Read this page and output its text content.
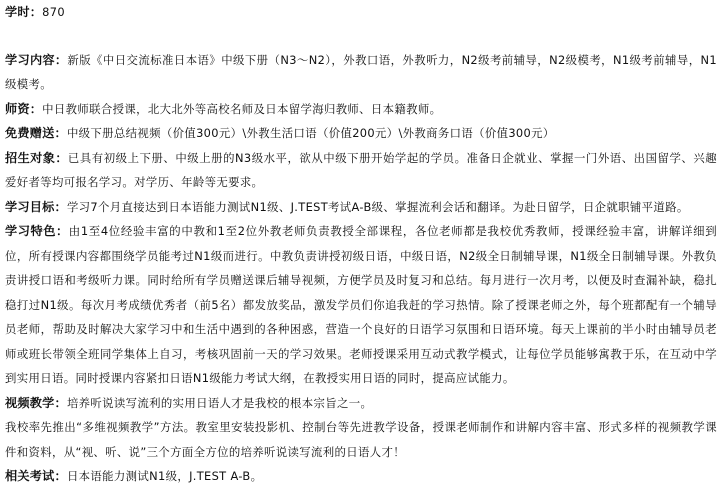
学时：870

学习内容：新版《中日交流标准日本语》中级下册（N3～N2），外教口语，外教听力，N2级考前辅导，N2级模考，N1级考前辅导，N1级模考。

师资：中日教师联合授课，北大北外等高校名师及日本留学海归教师、日本籍教师。

免费赠送：中级下册总结视频（价值300元）\外教生活口语（价值200元）\外教商务口语（价值300元）

招生对象：已具有初级上下册、中级上册的N3级水平，欲从中级下册开始学起的学员。准备日企就业、掌握一门外语、出国留学、兴趣爱好者等均可报名学习。对学历、年龄等无要求。

学习目标：学习7个月直接达到日本语能力测试N1级、J.TEST考试A-B级、掌握流利会话和翻译。为赴日留学，日企就职铺平道路。

学习特色：由1至4位经验丰富的中教和1至2位外教老师负责教授全部课程，各位老师都是我校优秀教师，授课经验丰富，讲解详细到位，所有授课内容都围绕学员能考过N1级而进行。中教负责讲授初级日语，中级日语，N2级全日制辅导课，N1级全日制辅导课。外教负责讲授口语和考级听力课。同时给所有学员赠送课后辅导视频，方便学员及时复习和总结。每月进行一次月考，以便及时查漏补缺，稳扎稳打过N1级。每次月考成绩优秀者（前5名）都发放奖品，激发学员们你追我赶的学习热情。除了授课老师之外，每个班都配有一个辅导员老师，帮助及时解决大家学习中和生活中遇到的各种困惑，营造一个良好的日语学习氛围和日语环境。每天上课前的半小时由辅导员老师或班长带领全班同学集体上自习，考核巩固前一天的学习效果。老师授课采用互动式教学模式，让每位学员能够寓教于乐，在互动中学到实用日语。同时授课内容紧扣日语N1级能力考试大纲，在教授实用日语的同时，提高应试能力。

视频教学：培养听说读写流利的实用日语人才是我校的根本宗旨之一。

我校率先推出“多维视频教学”方法。教室里安装投影机、控制台等先进教学设备，授课老师制作和讲解内容丰富、形式多样的视频教学课件和资料，从“视、听、说”三个方面全方位的培养听说读写流利的日语人才！

相关考试：日本语能力测试N1级，J.TEST A-B。
